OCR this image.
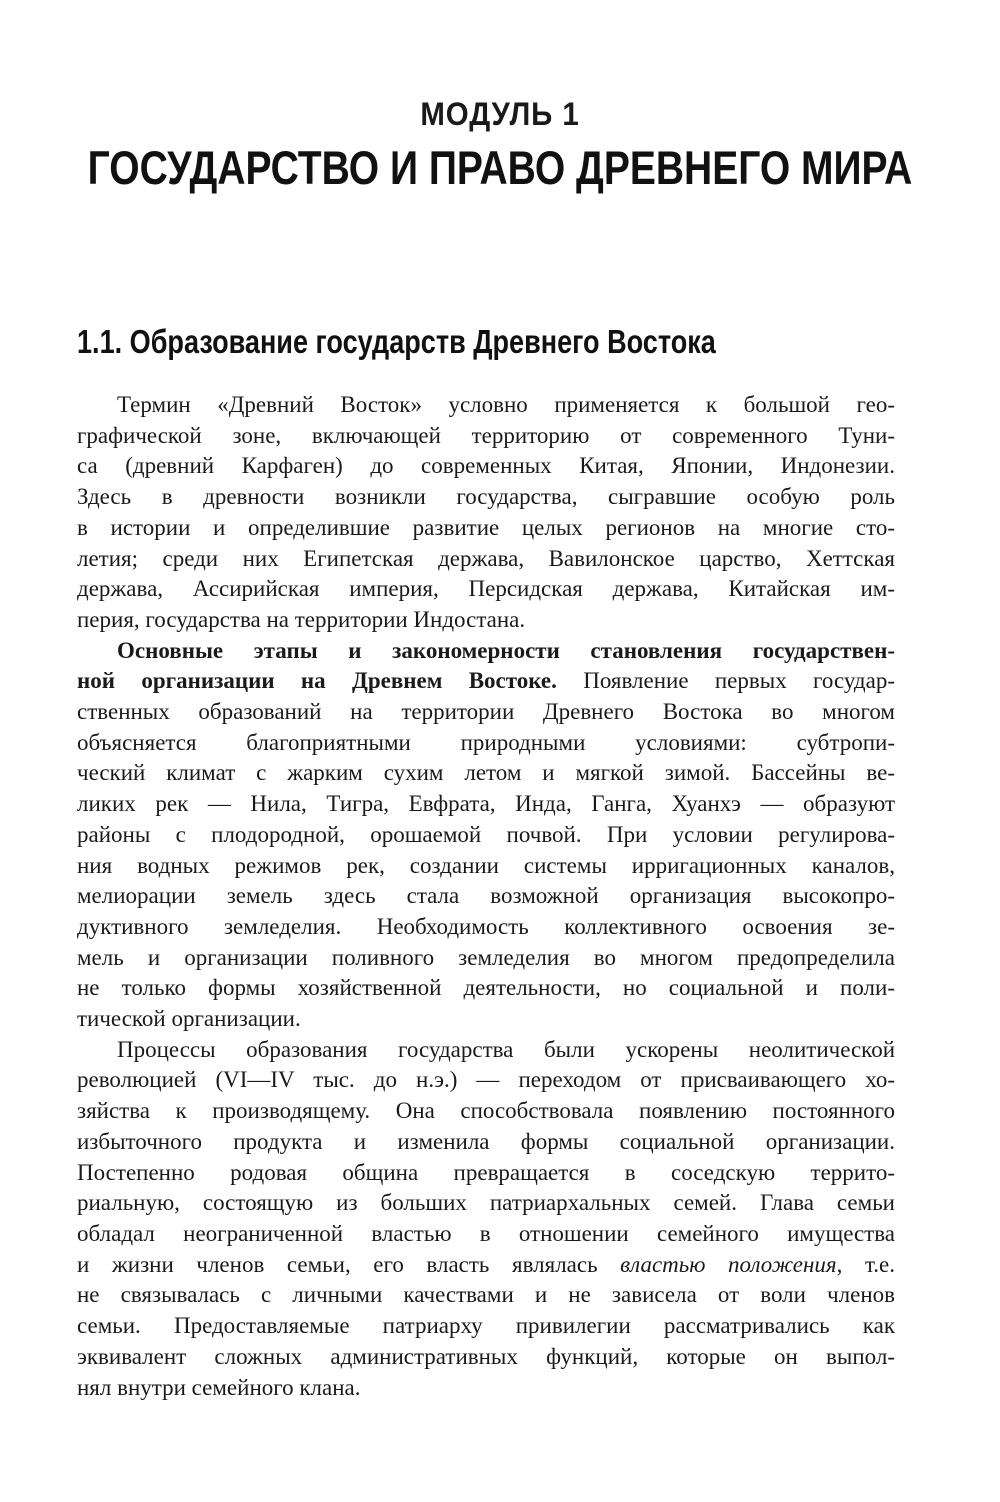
МОДУЛЬ 1
ГОСУДАРСТВО И ПРАВО ДРЕВНЕГО МИРА
1.1. Образование государств Древнего Востока
Термин «Древний Восток» условно применяется к большой гео-
графической зоне, включающей территорию от современного Туни-
са (древний Карфаген) до современных Китая, Японии, Индонезии.
Здесь в древности возникли государства, сыгравшие особую роль
в истории и определившие развитие целых регионов на многие сто-
летия; среди них Египетская держава, Вавилонское царство, Хеттская
держава, Ассирийская империя, Персидская держава, Китайская им-
перия, государства на территории Индостана.
Основные этапы и закономерности становления государствен-
ной организации на Древнем Востоке. Появление первых государ-
ственных образований на территории Древнего Востока во многом
объясняется благоприятными природными условиями: субтропи-
ческий климат с жарким сухим летом и мягкой зимой. Бассейны ве-
ликих рек — Нила, Тигра, Евфрата, Инда, Ганга, Хуанхэ — образуют
районы с плодородной, орошаемой почвой. При условии регулирова-
ния водных режимов рек, создании системы ирригационных каналов,
мелиорации земель здесь стала возможной организация высокопро-
дуктивного земледелия. Необходимость коллективного освоения зе-
мель и организации поливного земледелия во многом предопределила
не только формы хозяйственной деятельности, но социальной и поли-
тической организации.
Процессы образования государства были ускорены неолитической
революцией (VI—IV тыс. до н.э.) — переходом от присваивающего хо-
зяйства к производящему. Она способствовала появлению постоянного
избыточного продукта и изменила формы социальной организации.
Постепенно родовая община превращается в соседскую террито-
риальную, состоящую из больших патриархальных семей. Глава семьи
обладал неограниченной властью в отношении семейного имущества
и жизни членов семьи, его власть являлась властью положения, т.е.
не связывалась с личными качествами и не зависела от воли членов
семьи. Предоставляемые патриарху привилегии рассматривались как
эквивалент сложных административных функций, которые он выпол-
нял внутри семейного клана.
